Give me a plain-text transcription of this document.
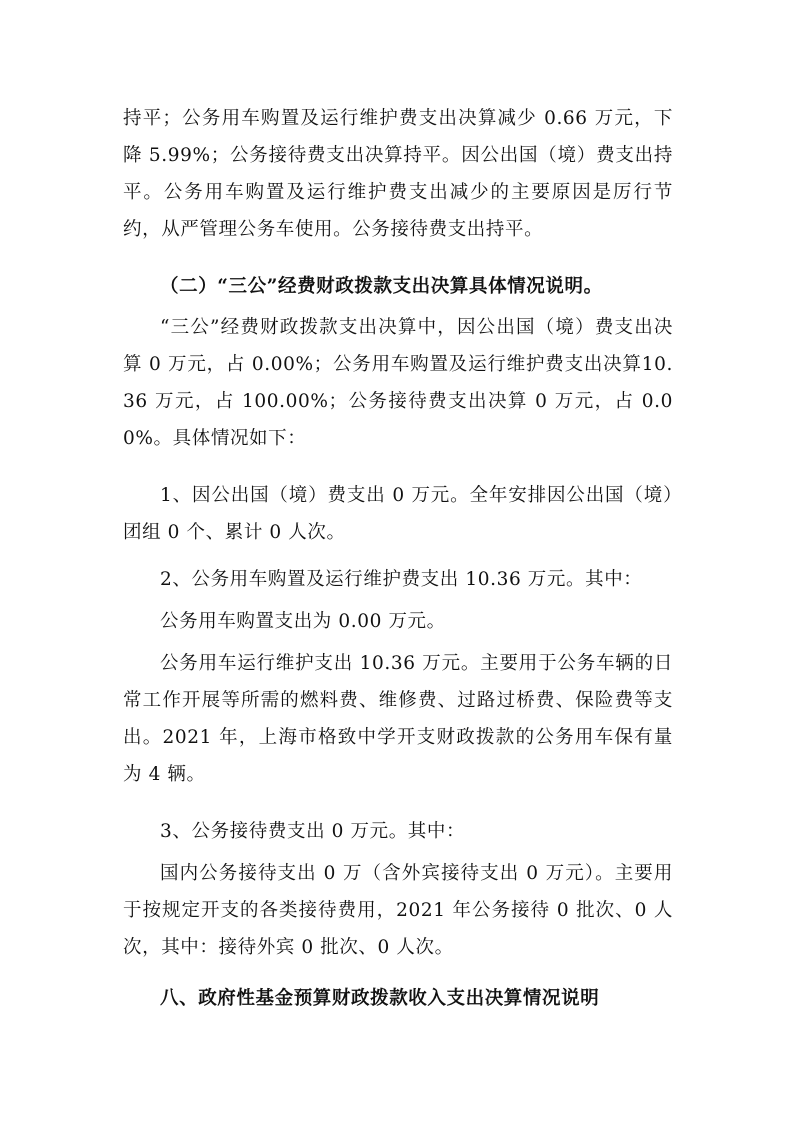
持平；公务用车购置及运行维护费支出决算减少 0.66 万元，下降 5.99%；公务接待费支出决算持平。因公出国（境）费支出持平。公务用车购置及运行维护费支出减少的主要原因是厉行节约，从严管理公务车使用。公务接待费支出持平。

（二）“三公”经费财政拨款支出决算具体情况说明。

“三公”经费财政拨款支出决算中，因公出国（境）费支出决算 0 万元，占 0.00%；公务用车购置及运行维护费支出决算10.36 万元，占 100.00%；公务接待费支出决算 0 万元，占 0.00%。具体情况如下：

1、因公出国（境）费支出 0 万元。全年安排因公出国（境）团组 0 个、累计 0 人次。

2、公务用车购置及运行维护费支出 10.36 万元。其中：

公务用车购置支出为 0.00 万元。

公务用车运行维护支出 10.36 万元。主要用于公务车辆的日常工作开展等所需的燃料费、维修费、过路过桥费、保险费等支出。2021 年，上海市格致中学开支财政拨款的公务用车保有量为 4 辆。

3、公务接待费支出 0 万元。其中：

国内公务接待支出 0 万（含外宾接待支出 0 万元）。主要用于按规定开支的各类接待费用，2021 年公务接待 0 批次、0 人次，其中：接待外宾 0 批次、0 人次。

八、政府性基金预算财政拨款收入支出决算情况说明
